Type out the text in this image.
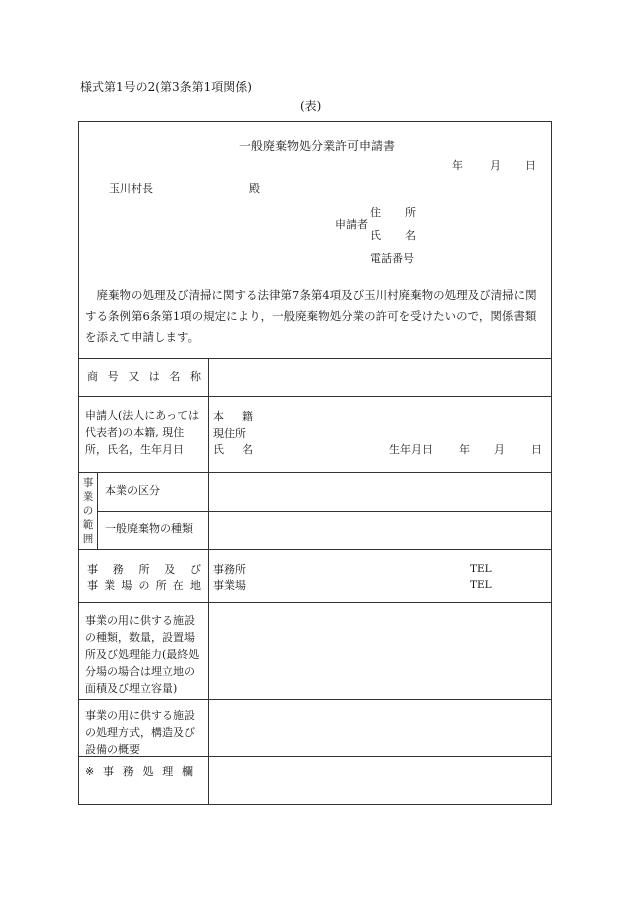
様式第1号の2(第3条第1項関係)
(表)
一般廃棄物処分業許可申請書
年 月 日
玉川村長	殿
申請者
住 所
氏 名
電話番号
　廃棄物の処理及び清掃に関する法律第7条第4項及び玉川村廃棄物の処理及び清掃に関する条例第6条第1項の規定により，一般廃棄物処分業の許可を受けたいので，関係書類を添えて申請します。
商 号 又 は 名 称
申請人(法人にあっては代表者)の本籍, 現住所，氏名，生年月日
本 籍
現住所
氏 名	生年月日 年 月 日
事
業
の
範
囲
本業の区分
一般廃棄物の種類
事 務 所 及 び
事 業 場 の 所 在 地
事務所
事業場
TEL
TEL
事業の用に供する施設の種類，数量，設置場所及び処理能力(最終処分場の場合は埋立地の面積及び埋立容量)
事業の用に供する施設の処理方式，構造及び設備の概要
※ 事 務 処 理 欄
